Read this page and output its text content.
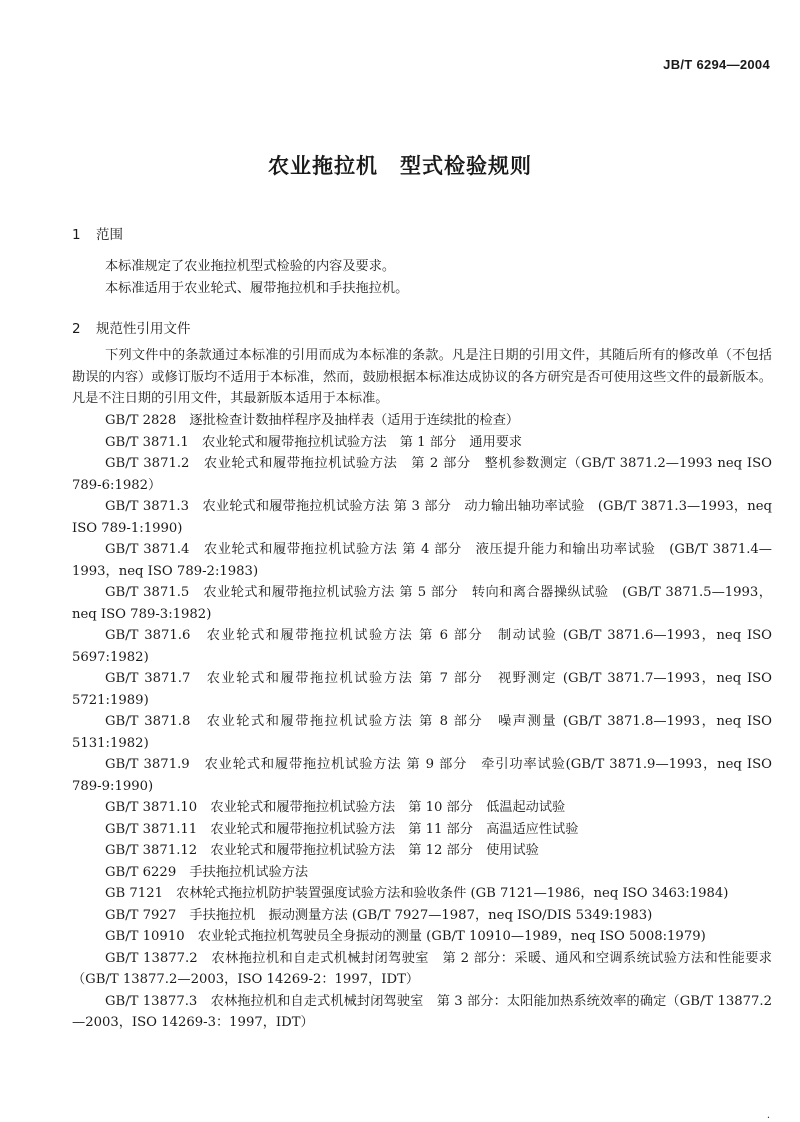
JB/T 6294—2004
农业拖拉机　型式检验规则
1 范围
本标准规定了农业拖拉机型式检验的内容及要求。
本标准适用于农业轮式、履带拖拉机和手扶拖拉机。
2 规范性引用文件
下列文件中的条款通过本标准的引用而成为本标准的条款。凡是注日期的引用文件，其随后所有的修改单（不包括勘误的内容）或修订版均不适用于本标准，然而，鼓励根据本标准达成协议的各方研究是否可使用这些文件的最新版本。凡是不注日期的引用文件，其最新版本适用于本标准。
GB/T 2828　逐批检查计数抽样程序及抽样表（适用于连续批的检查）
GB/T 3871.1　农业轮式和履带拖拉机试验方法　第 1 部分　通用要求
GB/T 3871.2　农业轮式和履带拖拉机试验方法　第 2 部分　整机参数测定（GB/T 3871.2—1993 neq ISO 789-6:1982）
GB/T 3871.3　农业轮式和履带拖拉机试验方法 第 3 部分　动力输出轴功率试验　(GB/T 3871.3—1993，neq ISO 789-1:1990)
GB/T 3871.4　农业轮式和履带拖拉机试验方法 第 4 部分　液压提升能力和输出功率试验　(GB/T 3871.4—1993，neq ISO 789-2:1983)
GB/T 3871.5　农业轮式和履带拖拉机试验方法 第 5 部分　转向和离合器操纵试验　(GB/T 3871.5—1993，neq ISO 789-3:1982)
GB/T 3871.6　农业轮式和履带拖拉机试验方法 第 6 部分　制动试验 (GB/T 3871.6—1993，neq ISO 5697:1982)
GB/T 3871.7　农业轮式和履带拖拉机试验方法 第 7 部分　视野测定 (GB/T 3871.7—1993，neq ISO 5721:1989)
GB/T 3871.8　农业轮式和履带拖拉机试验方法 第 8 部分　噪声测量 (GB/T 3871.8—1993，neq ISO 5131:1982)
GB/T 3871.9　农业轮式和履带拖拉机试验方法 第 9 部分　牵引功率试验(GB/T 3871.9—1993，neq ISO 789-9:1990)
GB/T 3871.10　农业轮式和履带拖拉机试验方法　第 10 部分　低温起动试验
GB/T 3871.11　农业轮式和履带拖拉机试验方法　第 11 部分　高温适应性试验
GB/T 3871.12　农业轮式和履带拖拉机试验方法　第 12 部分　使用试验
GB/T 6229　手扶拖拉机试验方法
GB 7121　农林轮式拖拉机防护装置强度试验方法和验收条件 (GB 7121—1986，neq ISO 3463:1984)
GB/T 7927　手扶拖拉机　振动测量方法 (GB/T 7927—1987，neq ISO/DIS 5349:1983)
GB/T 10910　农业轮式拖拉机驾驶员全身振动的测量 (GB/T 10910—1989，neq ISO 5008:1979)
GB/T 13877.2　农林拖拉机和自走式机械封闭驾驶室　第 2 部分：采暖、通风和空调系统试验方法和性能要求（GB/T 13877.2—2003，ISO 14269-2：1997，IDT）
GB/T 13877.3　农林拖拉机和自走式机械封闭驾驶室　第 3 部分：太阳能加热系统效率的确定（GB/T 13877.2—2003，ISO 14269-3：1997，IDT）
.
